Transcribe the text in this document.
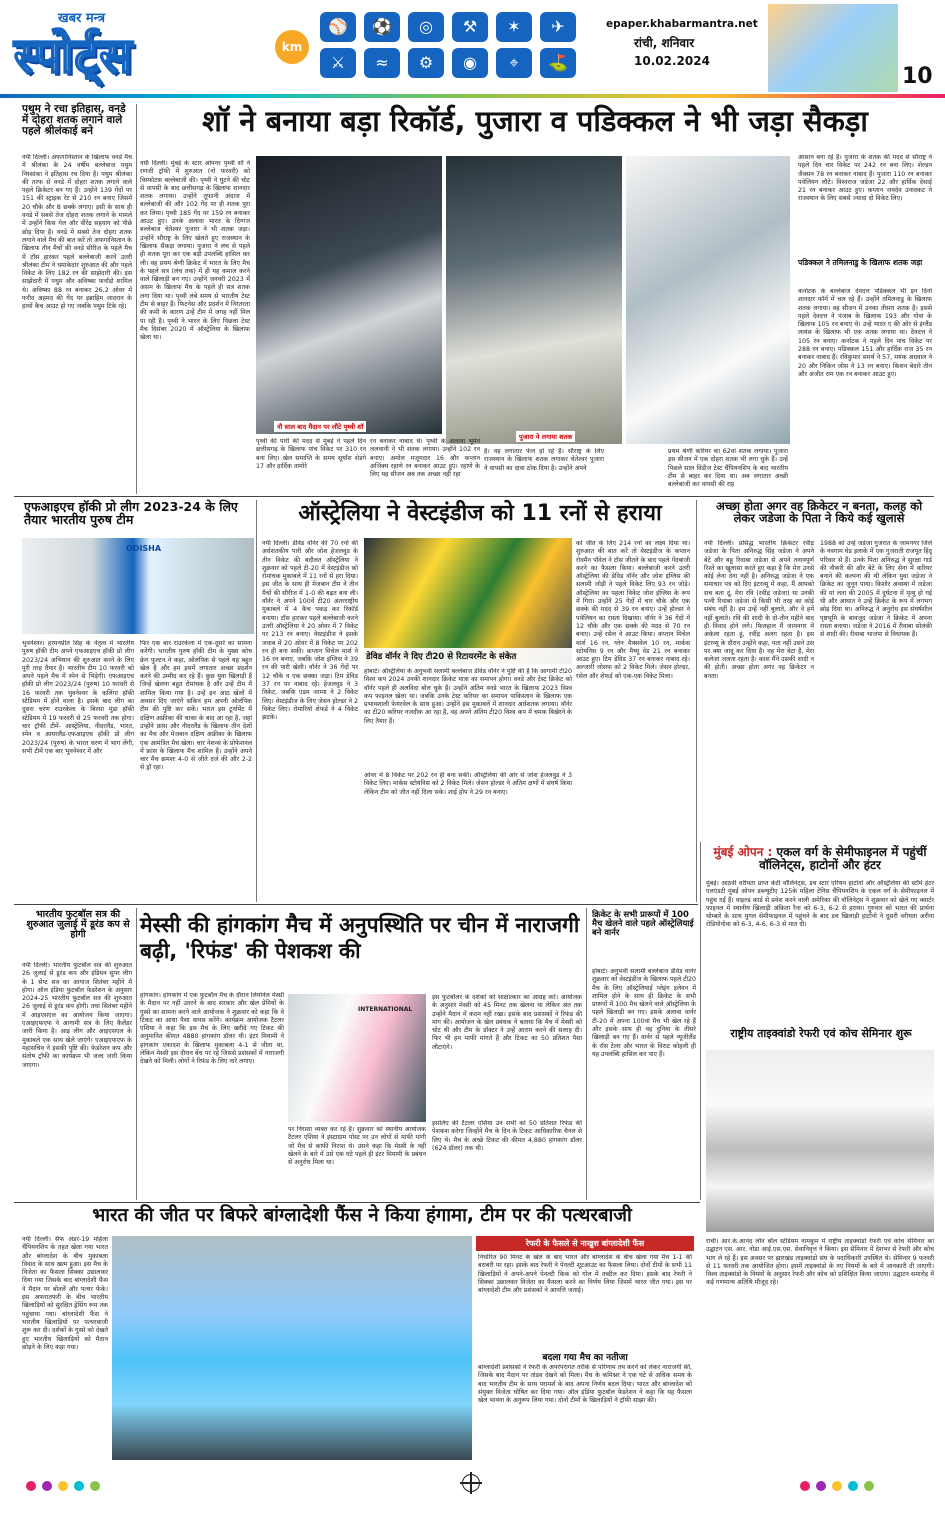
खबर मन्त्र
स्पोर्ट्स	km
⚾	⚽	◎	⚒	✶	✈
⚔	≈	⚙	◉	⌖	⛳
epaper.khabarmantra.net
रांची, शनिवार
10.02.2024
10
पथुम ने रचा इतिहास, वनडे में दोहरा शतक लगाने वाले पहले श्रीलंकाई बने
नयी दिल्ली। अफगानिस्तान के खिलाफ वनडे मैच में श्रीलंका के 24 वर्षीय बल्लेबाज पथुम निस्सांका ने इतिहास रच दिया है। पथुम श्रीलंका की तरफ से वनडे में दोहरा शतक लगाने वाले पहले क्रिकेटर बन गए हैं। उन्होंने 139 गेंदों पर 151 की स्ट्राइक रेट से 210 रन बनाए जिसमें 20 चौके और 8 छक्के लगाए। इसी के साथ ही वनडे में सबसे तेज दोहरा शतक लगाने के मामले में उन्होंने किस गेल और वीरेंद्र सहवाग को पीछे छोड़ दिया है। वनडे में सबसे तेज दोहरा शतक लगाने वाले मैच की बात करें तो अफगानिस्तान के खिलाफ तीन मैचों की वनडे सीरीज के पहले मैच में टॉस हारकर पहले बल्लेबाजी करने उतरी श्रीलंका टीम ने धमाकेदार शुरुआत की और पहले विकेट के लिए 182 रन की साझेदारी की। इस साझेदारी में पथुम और अविष्का फर्नांडो शामिल थे। अविष्का 88 रन बनाकर 26.2 ओवर में फरीद अहमद की गेंद पर इब्राहिम जादरान के हाथों कैच आउट हो गए जबकि पथुम टिके रहे।
शॉ ने बनाया बड़ा रिकॉर्ड, पुजारा व पडिक्कल ने भी जड़ा सैकड़ा
नयी दिल्ली। मुंबई के स्टार ओपनर पृथ्वी शॉ ने रणजी ट्रॉफी में शुरुआत (नो फरवरी) को विस्फोटक बल्लेबाजी की। पृथ्वी ने घुटने की चोट से वापसी के बाद छत्तीसगढ़ के खिलाफ शानदार शतक लगाया। उन्होंने तूफानी अंदाज में बल्लेबाजी की और 102 गेंद पर ही शतक पूरा कर लिया। पृथ्वी 185 गेंद पर 159 रन बनाकर आउट हुए। उनके अलावा भारत के दिग्गज बल्लेबाज चेतेश्वर पुजारा ने भी शतक जड़ा। उन्होंने सौराष्ट्र के लिए खेलते हुए राजस्थान के खिलाफ सैकड़ा लगाया। पुजारा ने लंच से पहले ही शतक पूरा कर एक बड़ी उपलब्धि हासिल कर ली। वह प्रथम श्रेणी क्रिकेट में भारत के लिए मैच के पहले सत्र (लंच तक) में ही यह कमाल करने वाले खिलाड़ी बन गए। उन्होंने जनवरी 2023 में असम के खिलाफ मैच के पहले ही सत्र शतक लगा दिया था। पृथ्वी लंबे समय से भारतीय टेस्ट टीम से बाहर हैं। फिटनेस और प्रदर्शन में निरंतरता की कमी के कारण उन्हें टीम में जगह नहीं मिल पा रही है। पृथ्वी ने भारत के लिए पिछला टेस्ट मैच दिसंबर 2020 में ऑस्ट्रेलिया के खिलाफ खेला था।
नौ साल बाद मैदान पर लौटे पृथ्वी शॉ
पुजारा ने लगाया शतक
पृथ्वी की पारी की मदद से मुंबई ने पहले दिन छत्तीसगढ़ के खिलाफ पांच विकेट पर 310 रन बना लिए। खेल समाप्ति के समय सूर्यांश शेडगे 17 और हार्दिक तामोरे
रन बनाकर नाबाद थे। पृथ्वी के अलावा भूपेन ललवानी ने भी शतक लगाया। उन्होंने 102 रन बनाए। अमोल मजूमदार 16 और कप्तान अजिंक्य रहाणे रन बनाकर आउट हुए। रहाणे के लिए यह सीजन अब तक अच्छा नहीं रहा
है। वह लगातार फेल हो रहे हैं। सौराष्ट्र के लिए राजस्थान के खिलाफ शतक लगाकर चेतेश्वर पुजारा ने वापसी का दावा ठोक दिया है। उन्होंने अपने
प्रथम श्रेणी करियर का 62वां शतक लगाया। पुजारा इस सीजन में एक दोहरा शतक भी लगा चुके हैं। उन्हें पिछले साल विंडीज टेस्ट चैंपियनशिप के बाद भारतीय टीम से बाहर कर दिया था। अब लगातार अच्छी बल्लेबाजी कर वापसी की राह
आसान बना रहे हैं। पुजारा के शतक की मदद से सौराष्ट्र ने पहले दिन चार विकेट पर 242 रन बना लिए। शेल्डन जैक्सन 78 रन बनाकर नाबाद हैं। पुजारा 110 रन बनाकर पवेलियन लौटे। विश्वराज जडेजा 22 और हार्विक देसाई 21 रन बनाकर आउट हुए। कप्तान जयदेव उनादकट ने राजस्थान के लिए सबसे ज्यादा दो विकेट लिए।
पडिक्कल ने तमिलनाडु के खिलाफ शतक जड़ा
कर्नाटक के बल्लेबाज देवदत्त पडिक्कल भी इन दिनों शानदार फॉर्म में चल रहे हैं। उन्होंने तमिलनाडु के खिलाफ शतक लगाया। वह सीजन में उनका तीसरा शतक है। इससे पहले देवदत्त ने पंजाब के खिलाफ 193 और गोवा के खिलाफ 105 रन बनाए थे। उन्हें भारत ए की ओर से इंग्लैंड लायंस के खिलाफ भी एक शतक लगाया था। देवदत्त ने 105 रन बनाए। कर्नाटक ने पहले दिन पांच विकेट पर 288 रन बनाए। पडिक्कल 151 और हार्दिक राज 35 रन बनाकर नाबाद हैं। रविकुमार समर्थ ने 57, मयंक अग्रवाल ने 20 और निकिन जोस ने 13 रन बनाए। किशन बेदारे तीन और अजीत राम एक रन बनाकर आउट हुए।
एफआइएच हॉकी प्रो लीग 2023-24 के लिए तैयार भारतीय पुरुष टीम
ODISHA
भुवनेश्वर। हरमनप्रीत सिंह के नेतृत्व में भारतीय पुरुष हॉकी टीम अपने एफआइएच हॉकी प्रो लीग 2023/24 अभियान की शुरुआत करने के लिए पूरी तरह तैयार है। भारतीय टीम 10 फरवरी को अपने पहले मैच में स्पेन से भिड़ेगी। एफआइएच हॉकी प्रो लीग 2023/24 (पुरुष) 10 फरवरी से 16 फरवरी तक भुवनेश्वर के कलिंगा हॉकी स्टेडियम में होने वाला है। इसके बाद लीग का दूसरा चरण राउरकेला के बिरसा मुंडा हॉकी स्टेडियम में 19 फरवरी से 25 फरवरी तक होगा। चार ट्रॉफी टीमें- आस्ट्रेलिया, नीदरलैंड, भारत, स्पेन व आयरलैंड-एफआइएच हॉकी प्रो लीग 2023/24 (पुरुष) के भारत चरण में भाग लेंगी, सभी टीमें एक बार भुवनेश्वर में और
फिर एक बार राउरकेला में एक-दूसरे का सामना करेंगी। भारतीय पुरुष हॉकी टीम के मुख्य कोच क्रेग फुल्टन ने कहा, ओलंपिक से पहले यह बहुत खेल है और हम इसमें लगातार अच्छा प्रदर्शन करने की उम्मीद कर रहे हैं। कुछ युवा खिलाड़ी हैं जिन्हें खेलना बहुत रोमांचक है और उन्हें टीम में शामिल किया गया है। उन्हें इन आठ खेलों में अवसर दिए जाएंगे सकिन हम अपनी ओलंपिक टीम की पुष्टि कर सकें। भारत इस टूर्नामेंट में दक्षिण अफ्रीका की चाका के बाद आ रहा है, जहां उन्होंने फ्रांस और नीदरलैंड के खिलाफ तीन देशों का मैच और मेजबान दक्षिण अफ्रीका के खिलाफ एक आमंत्रित मैच खेला। चार नेशन्स के प्रोफेशनल में फ्रांस के खिलाफ मैच शामिल हैं। उन्होंने अपने चार मैच क्रमशः 4-0 से जीते दर्ज की और 2-2 से ड्रॉ रहा।
ऑस्ट्रेलिया ने वेस्टइंडीज को 11 रनों से हराया
नयी दिल्ली। डेविड वॉर्नर की 70 रनों की अर्धशतकीय पारी और जोश हेजलवुड के तीन विकेट की बदौलत ऑस्ट्रेलिया ने शुक्रवार को पहले टी-20 में वेस्टइंडीज को रोमांचक मुकाबले में 11 रनों से हरा दिया। इस जीत के साथ ही मेजबान टीम ने तीन मैचों की सीरीज में 1-0 की बढ़त बना ली। वॉर्नर ने अपने 100वें टी20 अंतरराष्ट्रीय मुकाबले में 4 कैच पकड़ कर रिकॉर्ड बनाया। टॉस हारकर पहले बल्लेबाजी करने उतरी ऑस्ट्रेलिया ने 20 ओवर में 7 विकेट पर 213 रन बनाए। वेस्टइंडीज ने इसके जवाब में 20 ओवर में 8 विकेट पर 202 रन ही बना सकी। कप्तान मिचेल मार्श ने 16 रन बनाए, जबकि जोश इंग्लिस ने 39 रन की पारी खेली। वॉर्नर ने 36 गेंदों पर 12 चौके व एक छक्का जड़ा। टिम डेविड 37 रन पर नाबाद रहे। हेजलवुड ने 3 विकेट, जबकि एडम जाम्पा ने 2 विकेट लिए। वेस्टइंडीज के लिए जेसन होल्डर ने 2 विकेट लिए। रोमारियो शेफर्ड ने 4 विकेट झटके।
डेविड वॉर्नर ने दिए टी20 से रिटायरमेंट के संकेत
होबार्ट। ऑस्ट्रेलिया के अनुभवी सलामी बल्लेबाज डेविड वॉर्नर ने पुष्टि की है कि आगामी टी20 विश्व कप 2024 उनकी शानदार क्रिकेट यात्रा का समापन होगा। वनडे और टेस्ट क्रिकेट को वॉर्नर पहले ही अलविदा बोल चुके हैं। उन्होंने अंतिम वनडे भारत के खिलाफ 2023 विश्व कप फाइनल खेला था। जबकि उनके टेस्ट करियर का समापन पाकिस्तान के खिलाफ एक प्रभावशाली फेयरवेल के साथ हुआ। उन्होंने इस मुकाबले में शानदार अर्धशतक लगाया। वॉर्नर का टी20 करियर नजदीक आ रहा है, वह अपने अंतिम टी20 विश्व कप में चमक बिखेरने के लिए तैयार हैं।
ओवर में 8 विकेट पर 202 रन ही बना सकी। ऑस्ट्रेलिया की ओर से जोश हेजलवुड ने 3 विकेट लिए। मार्कस स्टोयनिस को 2 विकेट मिले। जेसन होल्डर ने अंतिम क्षणों में संघर्ष किया लेकिन टीम को जीत नहीं दिला सके। शाई होप ने 29 रन बनाए।
को जीत के लिए 214 रनों का लक्ष्य दिया था। शुरुआत की बात करें तो वेस्टइंडीज के कप्तान रोवमैन पॉवेल ने टॉस जीतने के बाद पहले गेंदबाजी करने का फैसला किया। बल्लेबाजी करने उतरी ऑस्ट्रेलिया की डेविड वॉर्नर और जोश इंग्लिस की सलामी जोड़ी ने पहले विकेट लिए 93 रन जोड़े। ऑस्ट्रेलिया का पहला विकेट जोश इंग्लिस के रूप में गिरा। उन्होंने 25 गेंदों में चार चौके और एक छक्के की मदद से 39 रन बनाए। उन्हें होल्डर ने पवेलियन का रास्ता दिखाया। वॉर्नर ने 36 गेंदों में 12 चौके और एक छक्के की मदद से 70 रन बनाए। उन्हें रसेल ने आउट किया। कप्तान मिचेल मार्श 16 रन, ग्लेन मैक्सवेल 10 रन, मार्कस स्टोयनिस 9 रन और मैथ्यू वेड 21 रन बनाकर आउट हुए। टिम डेविड 37 रन बनाकर नाबाद रहे। अल्जारी जोसफ को 2 विकेट मिले। जेसन होल्डर, रसेल और शेफर्ड को एक-एक विकेट मिला।
अच्छा होता अगर वह क्रिकेटर न बनता, कलह को लेकर जडेजा के पिता ने किये कई खुलासे
नयी दिल्ली। प्रसिद्ध भारतीय क्रिकेटर रवींद्र जडेजा के पिता अनिरुद्ध सिंह जडेजा ने अपने बेटे और बहू रिवाबा जडेजा से अपने तनावपूर्ण रिश्ते का खुलासा करते हुए कहा है कि मेरा उनसे कोई लेना देना नहीं है। अनिरुद्ध जडेजा ने एक समाचार पत्र को दिए इंटरव्यू में कहा, मैं आपको सच बता दूं, मेरा रवि (रवींद्र जडेजा) या उनकी पत्नी रिवाबा जडेजा से किसी भी तरह का कोई संबंध नहीं है। हम उन्हें नहीं बुलाते, और वे हमें नहीं बुलाते। रवि की शादी के दो-तीन महीने बाद ही विवाद होने लगे। फिलहाल मैं जामनगर में अकेला रहता हूं, रवींद्र अलग रहता है। इस इंटरव्यू के दौरान उन्होंने कहा, पता नहीं उसने उस पर क्या जादू कर दिया है। वह मेरा बेटा है, मेरा कलेजा जलता रहता है। काश मैंने उसकी शादी न की होती। अच्छा होता अगर वह क्रिकेटर न बनता।
1988 को उन्हें जडेजा गुजरात के जामनगर जिले के नवगाम घेड इलाके में एक गुजराती राजपूत हिंदू परिवार से हैं। उनके पिता अनिरुद्ध ने सुरक्षा गार्ड की नौकरी की और बेटे के लिए सेना में करियर बनाने की कल्पना की थी लेकिन युवा जडेजा ने क्रिकेट का जुनून पाया। किशोर अवस्था में जडेजा की मां लता की 2005 में दुर्घटना में मृत्यु हो गई थी और आघात ने उन्हें क्रिकेट के रूप में लगभग छोड़ दिया था। अनिरुद्ध ने अनुरोध इस संघर्षशील पृष्ठभूमि के बावजूद जडेजा ने क्रिकेट में अपना रास्ता बनाया। जडेजा ने 2016 में रीवाबा सोलंकी से शादी की। रीवाबा भाजपा से विधायक हैं।
भारतीय फुटबॉल सत्र की शुरुआत जुलाई में डूरंड कप से होगी
नयी दिल्ली। भारतीय फुटबॉल सत्र की शुरुआत 26 जुलाई से डूरंड कप और इंडियन सुपर लीग के 1 सेप्ट सत्र का आगाज सितंबर महीने में होगा। ऑल इंडिया फुटबॉल फेडरेशन के अनुसार 2024-25 भारतीय फुटबॉल सत्र की शुरुआत 26 जुलाई से डूरंड कप होगी। तथा सितंबर महीने में आइएसएल का आयोजन किया जाएगा। एआइएफएफ ने आगामी सत्र के लिए कैलेंडर जारी किया है। आइ लीग और आइएसएल के मुकाबले एक साथ खेले जाएंगे। एआइएफएफ के महासचिव ने इसकी पुष्टि की। फेडरेशन कप और संतोष ट्रॉफी का कार्यक्रम भी जल्द जारी किया जाएगा।
मेस्सी की हांगकांग मैच में अनुपस्थिति पर चीन में नाराजगी बढ़ी, 'रिफंड' की पेशकश की
हांगकांग। हांगकांग में एक फुटबॉल मैच के दौरान लियोनेल मेस्सी के मैदान पर नहीं उतरने के बाद सरकार और खेल प्रेमियों के गुस्से का सामना करने वाले आयोजक ने शुक्रवार को कहा कि वे टिकट का आधा पैसा वापस करेंगे। कार्यक्रम आयोजक टैटलर एशिया ने कहा कि इस मैच के लिए खरीदे गए टिकट की अनुमानित कीमत 4880 हांगकांग डॉलर थी। इंटर मियामी ने हांगकांग एकादश के खिलाफ मुकाबला 4-1 से जीता था, लेकिन मेस्सी इस दौरान बेंच पर रहे जिससे प्रशंसकों में नाराजगी देखने को मिली। लोगों ने रिफंड के लिए नारे लगाए।
INTERNATIONAL
पर निराशा व्यक्त कर रहे हैं। शुक्रवार को स्थानीय आयोजक टैटलर एशिया ने इंस्टाग्राम पोस्ट पर उन लोगों से माफी मांगी जो मैच से काफी निराश थे। उसने कहा कि मेस्सी के नहीं खेलने के बारे में उसे एक घंटे पहले ही इंटर मियामी के प्रबंधन से अनुरोध मिला था।
इस फुटबॉलर के दर्शकों को साक्षात्कार का आग्रह करें। आयोजक के अनुसार मेस्सी को 45 मिनट तक खेलना था लेकिन अंत तक उन्होंने मैदान में कदम नहीं रखा। इसके बाद प्रशंसकों ने रिफंड की मांग की। आयोजन के खेल प्रबंधक ने बताया कि मैच में मेस्सी को चोट थी और टीम के डॉक्टर ने उन्हें आराम करने की सलाह दी। फिर भी हम माफी मांगते हैं और टिकट का 50 प्रतिशत पैसा लौटाएंगे।
इसलिए की टैटलर एशिया उन सभी को 50 प्रतिशत रिफंड की पेशकश करेगा जिन्होंने मैच के दिन के टिकट आधिकारिक चैनल से लिए थे। मैच के अच्छे टिकट की कीमत 4,880 हांगकांग डॉलर (624 डॉलर) तक थी।
क्रिकेट के सभी प्रारूपों में 100 मैच खेलने वाले पहले ऑस्ट्रेलियाई बने वार्नर
होबार्ट। अनुभवी सलामी बल्लेबाज डेविड वार्नर शुक्रवार को वेस्टइंडीज के खिलाफ पहले टी20 मैच के लिए ऑस्ट्रेलियाई प्लेइंग इलेवन में शामिल होने के साथ ही क्रिकेट के सभी प्रारूपों में 100 मैच खेलने वाले ऑस्ट्रेलिया के पहले खिलाड़ी बन गए। इसके अलावा वार्नर टी-20 में अपना 100वां मैच भी खेल रहे हैं और इसके साथ ही वह दुनिया के तीसरे खिलाड़ी बन गए हैं। वार्नर से पहले न्यूजीलैंड के रॉस टेलर और भारत के विराट कोहली ही यह उपलब्धि हासिल कर पाए हैं।
मुंबई ओपन : एकल वर्ग के सेमीफाइनल में पहुंचीं वॉलिनेट्स, हाटोनों और हंटर
मुंबई। आठवीं वरीयता प्राप्त केटी वॉलिनेट्स, डच स्टार एरियन हार्टोनो और ऑस्ट्रेलिया की स्टॉर्म हंटर एलएंडटी मुंबई ओपन डब्ल्यूटीए 125के महिला टेनिस चैंपियनशिप के एकल वर्ग के सेमीफाइनल में पहुंच गईं हैं। वाइल्ड कार्ड से प्रवेश करने वाली अमेरिका की वॉलिनेट्स ने शुक्रवार को खेले गए क्वार्टर फाइनल में स्थानीय खिलाड़ी अंकिता रैना को 6-3, 6-2 से हराया। गुरुवार को भारत की प्रार्थना थोम्बारे के साथ युगल सेमीफाइनल में पहुंचने के बाद डच खिलाड़ी हार्टोनो ने दूसरी वरीयता अरीना रोडियोनोवा को 6-3, 4-6, 6-3 से मात दी।
राष्ट्रीय ताइक्वांडो रेफरी एवं कोच सेमिनार शुरू
रांची। आर.के.आनंद लॉन बॉल स्टेडियम नामकुम में राष्ट्रीय ताइक्वांडो रेफरी एवं कोच सेमिनार का उद्घाटन एस. आर. नोडा आई.एस.एस. सेवानिवृत्त ने किया। इस सेमिनार में देशभर से रेफरी और कोच भाग ले रहे हैं। इस अवसर पर झारखंड ताइक्वांडो संघ के पदाधिकारी उपस्थित थे। सेमिनार 9 फरवरी से 11 फरवरी तक आयोजित होगा। इसमें ताइक्वांडो के नए नियमों के बारे में जानकारी दी जाएगी। विश्व ताइक्वांडो के नियमों के अनुसार रेफरी और कोच को प्रशिक्षित किया जाएगा। उद्घाटन समारोह में कई गणमान्य अतिथि मौजूद रहे।
भारत की जीत पर बिफरे बांग्लादेशी फैंस ने किया हंगामा, टीम पर की पत्थरबाजी
नयी दिल्ली। सैफ अंडर-19 महिला चैंपियनशिप के तहत खेला गया भारत और बांग्लादेश के बीच मुकाबला विवाद के साथ खत्म हुआ। इस मैच के विजेता का फैसला सिक्का उछालकर दिया गया जिसके बाद बांग्लादेशी फैंस ने मैदान पर बोतलें और पत्थर फेंके। इस अफरातफरी के बीच भारतीय खिलाड़ियों को सुरक्षित ड्रेसिंग रूम तक पहुंचाया गया। बांग्लादेशी फैंस ने भारतीय खिलाड़ियों पर पत्थरबाजी शुरू कर दी। दर्शकों के गुस्से को देखते हुए भारतीय खिलाड़ियों को मैदान छोड़ने के लिए कहा गया।
रेफरी के फैसले से नाखुश बांग्लादेशी फैंस
निर्धारित 90 मिनट के खेल के बाद भारत और बांग्लादेश के बीच खेला गया मैच 1-1 की बराबरी पर रहा। इसके बाद रेफरी ने पेनल्टी शूटआउट का फैसला लिया। दोनों टीमों के सभी 11 खिलाड़ियों ने अपने-अपने पेनल्टी किक को गोल में तब्दील कर दिया। इसके बाद रेफरी ने सिक्का उछालकर विजेता का फैसला करने का निर्णय लिया जिसमें भारत जीत गया। इस पर बांग्लादेशी टीम और प्रशंसकों ने आपत्ति जताई।
बदला गया मैच का नतीजा
बांग्लादेशी प्रशंसकों ने रेफरी के अपरंपरागत तरीके से परिणाम तय करने को लेकर नाराजगी की, जिसके बाद मैदान पर तांडव देखने को मिला। मैच के कमिश्नर ने एक घंटे से अधिक समय के बाद भारतीय टीम के साथ परामर्श के बाद अपना निर्णय बदल दिया। भारत और बांग्लादेश को संयुक्त विजेता घोषित कर दिया गया। ऑल इंडिया फुटबॉल फेडरेशन ने कहा कि यह फैसला खेल भावना के अनुरूप लिया गया। दोनों टीमों के खिलाड़ियों ने ट्रॉफी साझा की।
